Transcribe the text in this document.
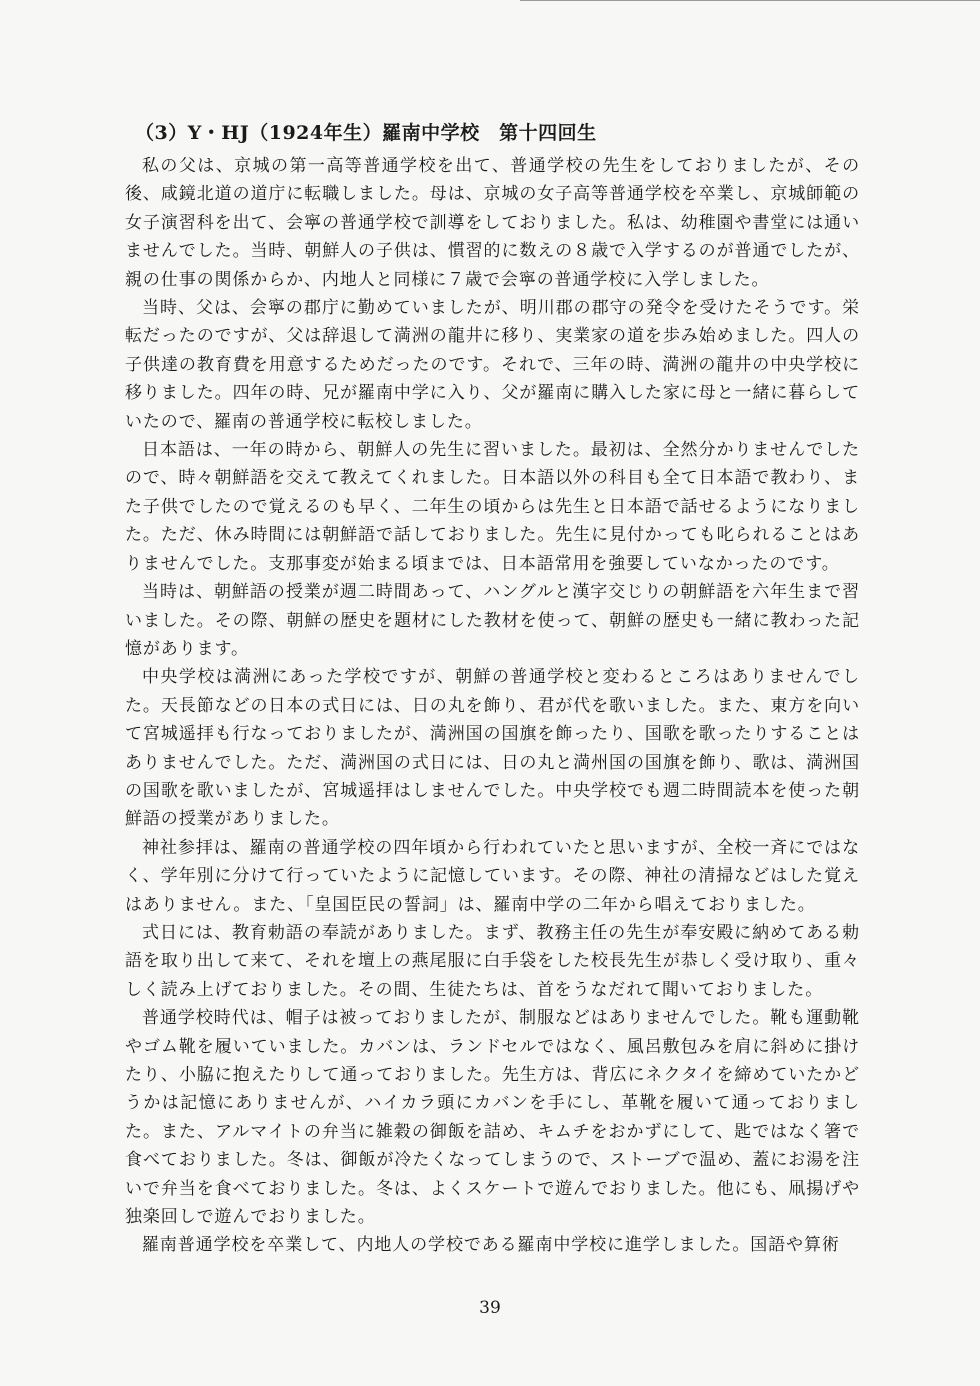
（3）Y・HJ（1924年生）羅南中学校　第十四回生

私の父は、京城の第一高等普通学校を出て、普通学校の先生をしておりましたが、その後、咸鏡北道の道庁に転職しました。母は、京城の女子高等普通学校を卒業し、京城師範の女子演習科を出て、会寧の普通学校で訓導をしておりました。私は、幼稚園や書堂には通いませんでした。当時、朝鮮人の子供は、慣習的に数えの８歳で入学するのが普通でしたが、親の仕事の関係からか、内地人と同様に７歳で会寧の普通学校に入学しました。

当時、父は、会寧の郡庁に勤めていましたが、明川郡の郡守の発令を受けたそうです。栄転だったのですが、父は辞退して満洲の龍井に移り、実業家の道を歩み始めました。四人の子供達の教育費を用意するためだったのです。それで、三年の時、満洲の龍井の中央学校に移りました。四年の時、兄が羅南中学に入り、父が羅南に購入した家に母と一緒に暮らしていたので、羅南の普通学校に転校しました。

日本語は、一年の時から、朝鮮人の先生に習いました。最初は、全然分かりませんでしたので、時々朝鮮語を交えて教えてくれました。日本語以外の科目も全て日本語で教わり、また子供でしたので覚えるのも早く、二年生の頃からは先生と日本語で話せるようになりました。ただ、休み時間には朝鮮語で話しておりました。先生に見付かっても叱られることはありませんでした。支那事変が始まる頃までは、日本語常用を強要していなかったのです。

当時は、朝鮮語の授業が週二時間あって、ハングルと漢字交じりの朝鮮語を六年生まで習いました。その際、朝鮮の歴史を題材にした教材を使って、朝鮮の歴史も一緒に教わった記憶があります。

中央学校は満洲にあった学校ですが、朝鮮の普通学校と変わるところはありませんでした。天長節などの日本の式日には、日の丸を飾り、君が代を歌いました。また、東方を向いて宮城遥拝も行なっておりましたが、満洲国の国旗を飾ったり、国歌を歌ったりすることはありませんでした。ただ、満洲国の式日には、日の丸と満州国の国旗を飾り、歌は、満洲国の国歌を歌いましたが、宮城遥拝はしませんでした。中央学校でも週二時間読本を使った朝鮮語の授業がありました。

神社参拝は、羅南の普通学校の四年頃から行われていたと思いますが、全校一斉にではなく、学年別に分けて行っていたように記憶しています。その際、神社の清掃などはした覚えはありません。また、「皇国臣民の誓詞」は、羅南中学の二年から唱えておりました。

式日には、教育勅語の奉読がありました。まず、教務主任の先生が奉安殿に納めてある勅語を取り出して来て、それを壇上の燕尾服に白手袋をした校長先生が恭しく受け取り、重々しく読み上げておりました。その間、生徒たちは、首をうなだれて聞いておりました。

普通学校時代は、帽子は被っておりましたが、制服などはありませんでした。靴も運動靴やゴム靴を履いていました。カバンは、ランドセルではなく、風呂敷包みを肩に斜めに掛けたり、小脇に抱えたりして通っておりました。先生方は、背広にネクタイを締めていたかどうかは記憶にありませんが、ハイカラ頭にカバンを手にし、革靴を履いて通っておりました。また、アルマイトの弁当に雑穀の御飯を詰め、キムチをおかずにして、匙ではなく箸で食べておりました。冬は、御飯が冷たくなってしまうので、ストーブで温め、蓋にお湯を注いで弁当を食べておりました。冬は、よくスケートで遊んでおりました。他にも、凧揚げや独楽回しで遊んでおりました。

羅南普通学校を卒業して、内地人の学校である羅南中学校に進学しました。国語や算術

39
